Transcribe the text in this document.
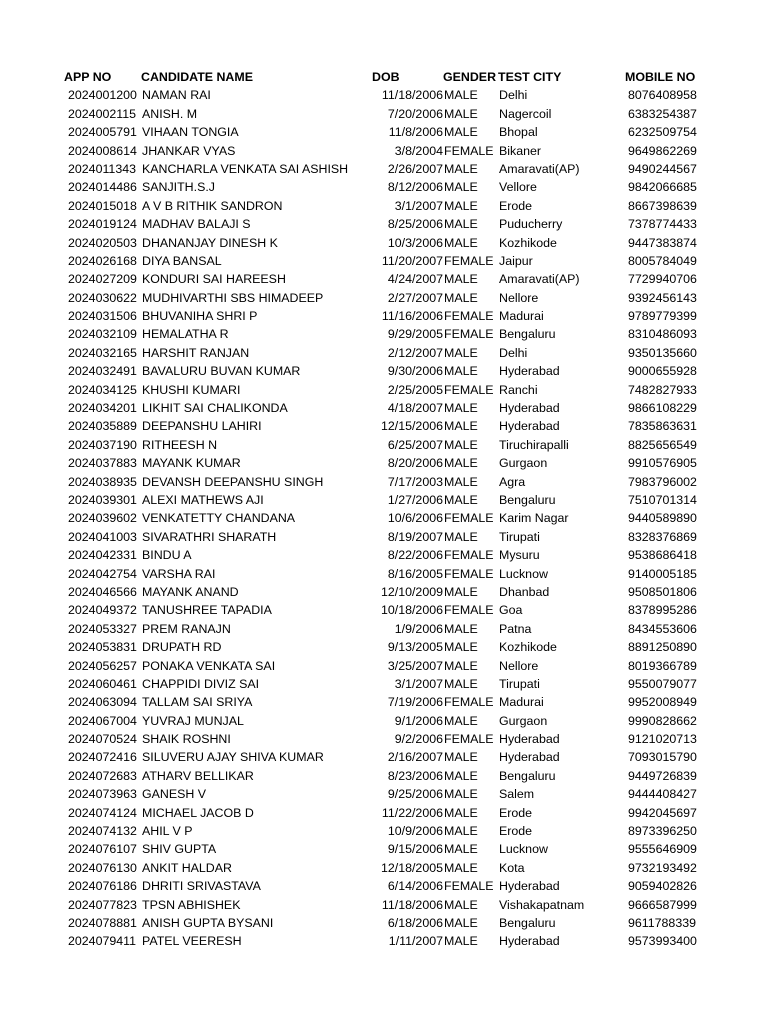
APP NO CANDIDATE NAME	DOB	GENDER TEST CITY	MOBILE NO
2024001200 NAMAN RAI	11/18/2006 MALE Delhi	8076408958
2024002115 ANISH. M	7/20/2006 MALE Nagercoil	6383254387
2024005791 VIHAAN TONGIA	11/8/2006 MALE Bhopal	6232509754
2024008614 JHANKAR VYAS	3/8/2004 FEMALE Bikaner	9649862269
2024011343 KANCHARLA VENKATA SAI ASHISH	2/26/2007 MALE Amaravati(AP)	9490244567
2024014486 SANJITH.S.J	8/12/2006 MALE Vellore	9842066685
2024015018 A V B RITHIK SANDRON	3/1/2007 MALE Erode	8667398639
2024019124 MADHAV BALAJI S	8/25/2006 MALE Puducherry	7378774433
2024020503 DHANANJAY DINESH K	10/3/2006 MALE Kozhikode	9447383874
2024026168 DIYA BANSAL	11/20/2007 FEMALE Jaipur	8005784049
2024027209 KONDURI SAI HAREESH	4/24/2007 MALE Amaravati(AP)	7729940706
2024030622 MUDHIVARTHI SBS HIMADEEP	2/27/2007 MALE Nellore	9392456143
2024031506 BHUVANIHA SHRI P	11/16/2006 FEMALE Madurai	9789779399
2024032109 HEMALATHA R	9/29/2005 FEMALE Bengaluru	8310486093
2024032165 HARSHIT RANJAN	2/12/2007 MALE Delhi	9350135660
2024032491 BAVALURU BUVAN KUMAR	9/30/2006 MALE Hyderabad	9000655928
2024034125 KHUSHI KUMARI	2/25/2005 FEMALE Ranchi	7482827933
2024034201 LIKHIT SAI CHALIKONDA	4/18/2007 MALE Hyderabad	9866108229
2024035889 DEEPANSHU LAHIRI	12/15/2006 MALE Hyderabad	7835863631
2024037190 RITHEESH N	6/25/2007 MALE Tiruchirapalli	8825656549
2024037883 MAYANK KUMAR	8/20/2006 MALE Gurgaon	9910576905
2024038935 DEVANSH DEEPANSHU SINGH	7/17/2003 MALE Agra	7983796002
2024039301 ALEXI MATHEWS AJI	1/27/2006 MALE Bengaluru	7510701314
2024039602 VENKATETTY CHANDANA	10/6/2006 FEMALE Karim Nagar	9440589890
2024041003 SIVARATHRI SHARATH	8/19/2007 MALE Tirupati	8328376869
2024042331 BINDU A	8/22/2006 FEMALE Mysuru	9538686418
2024042754 VARSHA RAI	8/16/2005 FEMALE Lucknow	9140005185
2024046566 MAYANK ANAND	12/10/2009 MALE Dhanbad	9508501806
2024049372 TANUSHREE TAPADIA	10/18/2006 FEMALE Goa	8378995286
2024053327 PREM RANAJN	1/9/2006 MALE Patna	8434553606
2024053831 DRUPATH RD	9/13/2005 MALE Kozhikode	8891250890
2024056257 PONAKA VENKATA SAI	3/25/2007 MALE Nellore	8019366789
2024060461 CHAPPIDI DIVIZ SAI	3/1/2007 MALE Tirupati	9550079077
2024063094 TALLAM SAI SRIYA	7/19/2006 FEMALE Madurai	9952008949
2024067004 YUVRAJ MUNJAL	9/1/2006 MALE Gurgaon	9990828662
2024070524 SHAIK ROSHNI	9/2/2006 FEMALE Hyderabad	9121020713
2024072416 SILUVERU AJAY SHIVA KUMAR	2/16/2007 MALE Hyderabad	7093015790
2024072683 ATHARV BELLIKAR	8/23/2006 MALE Bengaluru	9449726839
2024073963 GANESH V	9/25/2006 MALE Salem	9444408427
2024074124 MICHAEL JACOB D	11/22/2006 MALE Erode	9942045697
2024074132 AHIL V P	10/9/2006 MALE Erode	8973396250
2024076107 SHIV GUPTA	9/15/2006 MALE Lucknow	9555646909
2024076130 ANKIT HALDAR	12/18/2005 MALE Kota	9732193492
2024076186 DHRITI SRIVASTAVA	6/14/2006 FEMALE Hyderabad	9059402826
2024077823 TPSN ABHISHEK	11/18/2006 MALE Vishakapatnam	9666587999
2024078881 ANISH GUPTA BYSANI	6/18/2006 MALE Bengaluru	9611788339
2024079411 PATEL VEERESH	1/11/2007 MALE Hyderabad	9573993400
